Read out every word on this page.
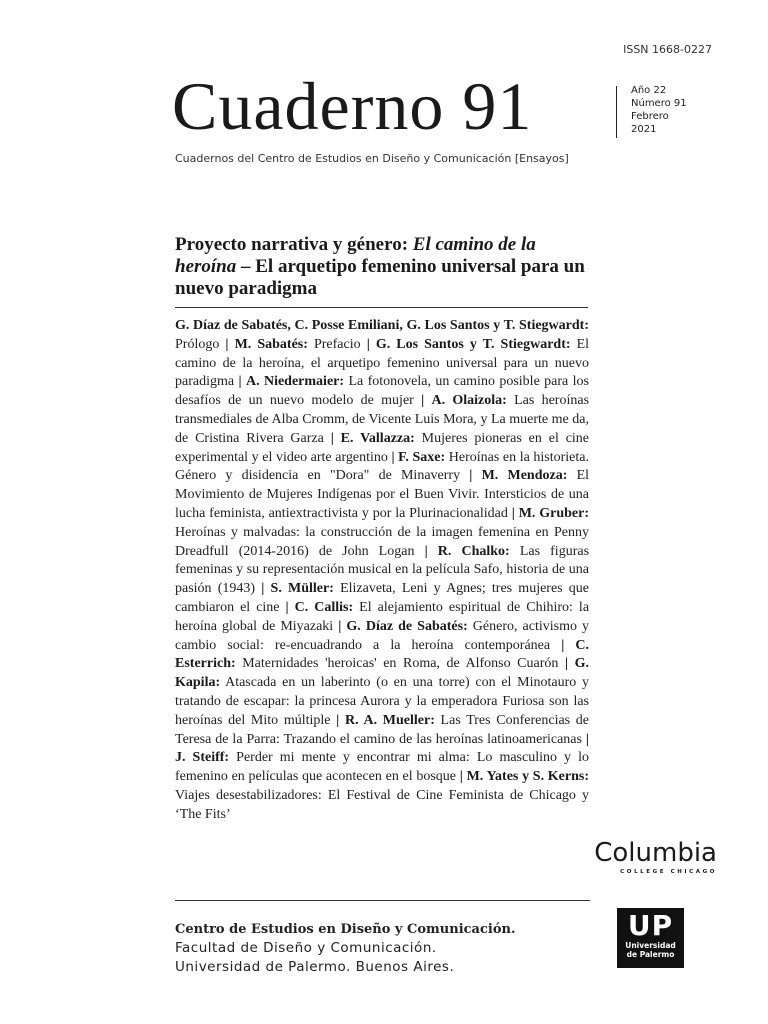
ISSN 1668-0227
Cuaderno 91	Año 22
Número 91
Febrero
2021
Cuadernos del Centro de Estudios en Diseño y Comunicación [Ensayos]
Proyecto narrativa y género: El camino de la heroína – El arquetipo femenino universal para un nuevo paradigma
G. Díaz de Sabatés, C. Posse Emiliani, G. Los Santos y T. Stiegwardt: Prólogo | M. Sabatés: Prefacio | G. Los Santos y T. Stiegwardt: El camino de la heroína, el arquetipo femenino universal para un nuevo paradigma | A. Niedermaier: La fotonovela, un camino posible para los desafíos de un nuevo modelo de mujer | A. Olaizola: Las heroínas transmediales de Alba Cromm, de Vicente Luis Mora, y La muerte me da, de Cristina Rivera Garza | E. Vallazza: Mujeres pioneras en el cine experimental y el video arte argentino | F. Saxe: Heroínas en la historieta. Género y disidencia en "Dora" de Minaverry | M. Mendoza: El Movimiento de Mujeres Indígenas por el Buen Vivir. Intersticios de una lucha feminista, antiextractivista y por la Plurinacionalidad | M. Gruber: Heroínas y malvadas: la construcción de la imagen femenina en Penny Dreadfull (2014-2016) de John Logan | R. Chalko: Las figuras femeninas y su representación musical en la película Safo, historia de una pasión (1943) | S. Müller: Elizaveta, Leni y Agnes; tres mujeres que cambiaron el cine | C. Callis: El alejamiento espiritual de Chihiro: la heroína global de Miyazaki | G. Díaz de Sabatés: Género, activismo y cambio social: re-encuadrando a la heroína contemporánea | C. Esterrich: Maternidades 'heroicas' en Roma, de Alfonso Cuarón | G. Kapila: Atascada en un laberinto (o en una torre) con el Minotauro y tratando de escapar: la princesa Aurora y la emperadora Furiosa son las heroínas del Mito múltiple | R. A. Mueller: Las Tres Conferencias de Teresa de la Parra: Trazando el camino de las heroínas latinoamericanas | J. Steiff: Perder mi mente y encontrar mi alma: Lo masculino y lo femenino en películas que acontecen en el bosque | M. Yates y S. Kerns: Viajes desestabilizadores: El Festival de Cine Feminista de Chicago y ‘The Fits’
Columbia
COLLEGE CHICAGO
Centro de Estudios en Diseño y Comunicación.
Facultad de Diseño y Comunicación.
Universidad de Palermo. Buenos Aires.
UP
Universidad
de Palermo
